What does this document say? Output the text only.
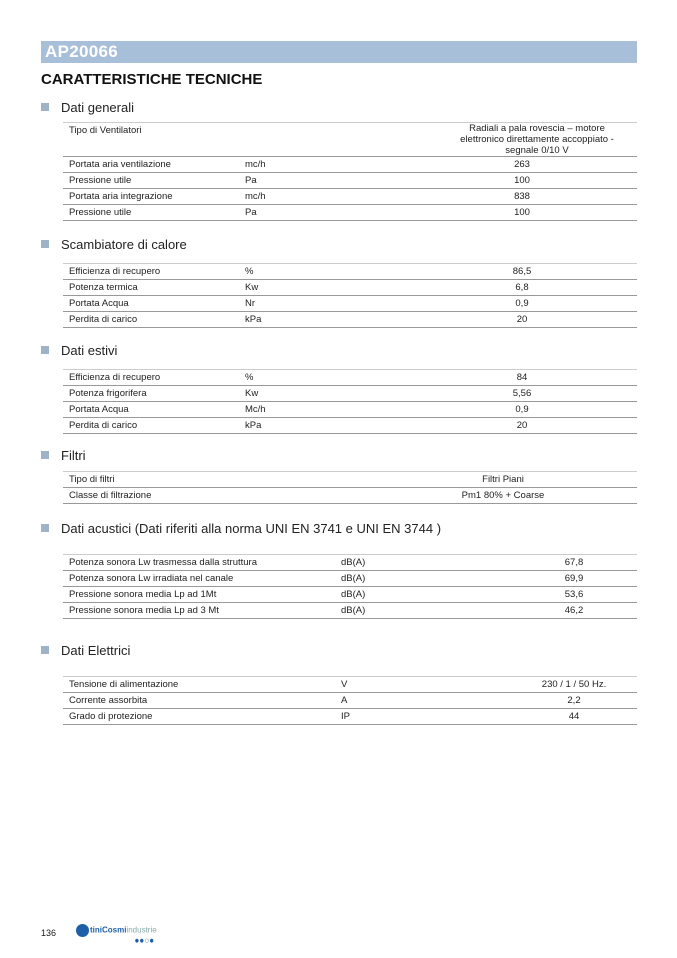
AP20066
CARATTERISTICHE TECNICHE
Dati generali
Tipo di Ventilatori		Radiali a pala rovescia – motore elettronico direttamente accoppiato - segnale 0/10 V
Portata aria ventilazione	mc/h	263
Pressione utile	Pa	100
Portata aria integrazione	mc/h	838
Pressione utile	Pa	100
Scambiatore di calore
Efficienza di recupero	%	86,5
Potenza termica	Kw	6,8
Portata Acqua	Nr	0,9
Perdita di carico	kPa	20
Dati estivi
Efficienza di recupero	%	84
Potenza frigorifera	Kw	5,56
Portata Acqua	Mc/h	0,9
Perdita di carico	kPa	20
Filtri
Tipo di filtri	Filtri Piani
Classe di filtrazione	Pm1 80% + Coarse
Dati acustici (Dati riferiti alla norma UNI EN 3741 e UNI EN 3744 )
Potenza sonora Lw trasmessa dalla struttura	dB(A)	67,8
Potenza sonora Lw irradiata nel canale	dB(A)	69,9
Pressione sonora media Lp ad 1Mt	dB(A)	53,6
Pressione sonora media Lp ad 3 Mt	dB(A)	46,2
Dati Elettrici
Tensione di alimentazione	V	230 / 1 / 50 Hz.
Corrente assorbita	A	2,2
Grado di protezione	IP	44
136	tiniCosmiindustrie
●●○●
